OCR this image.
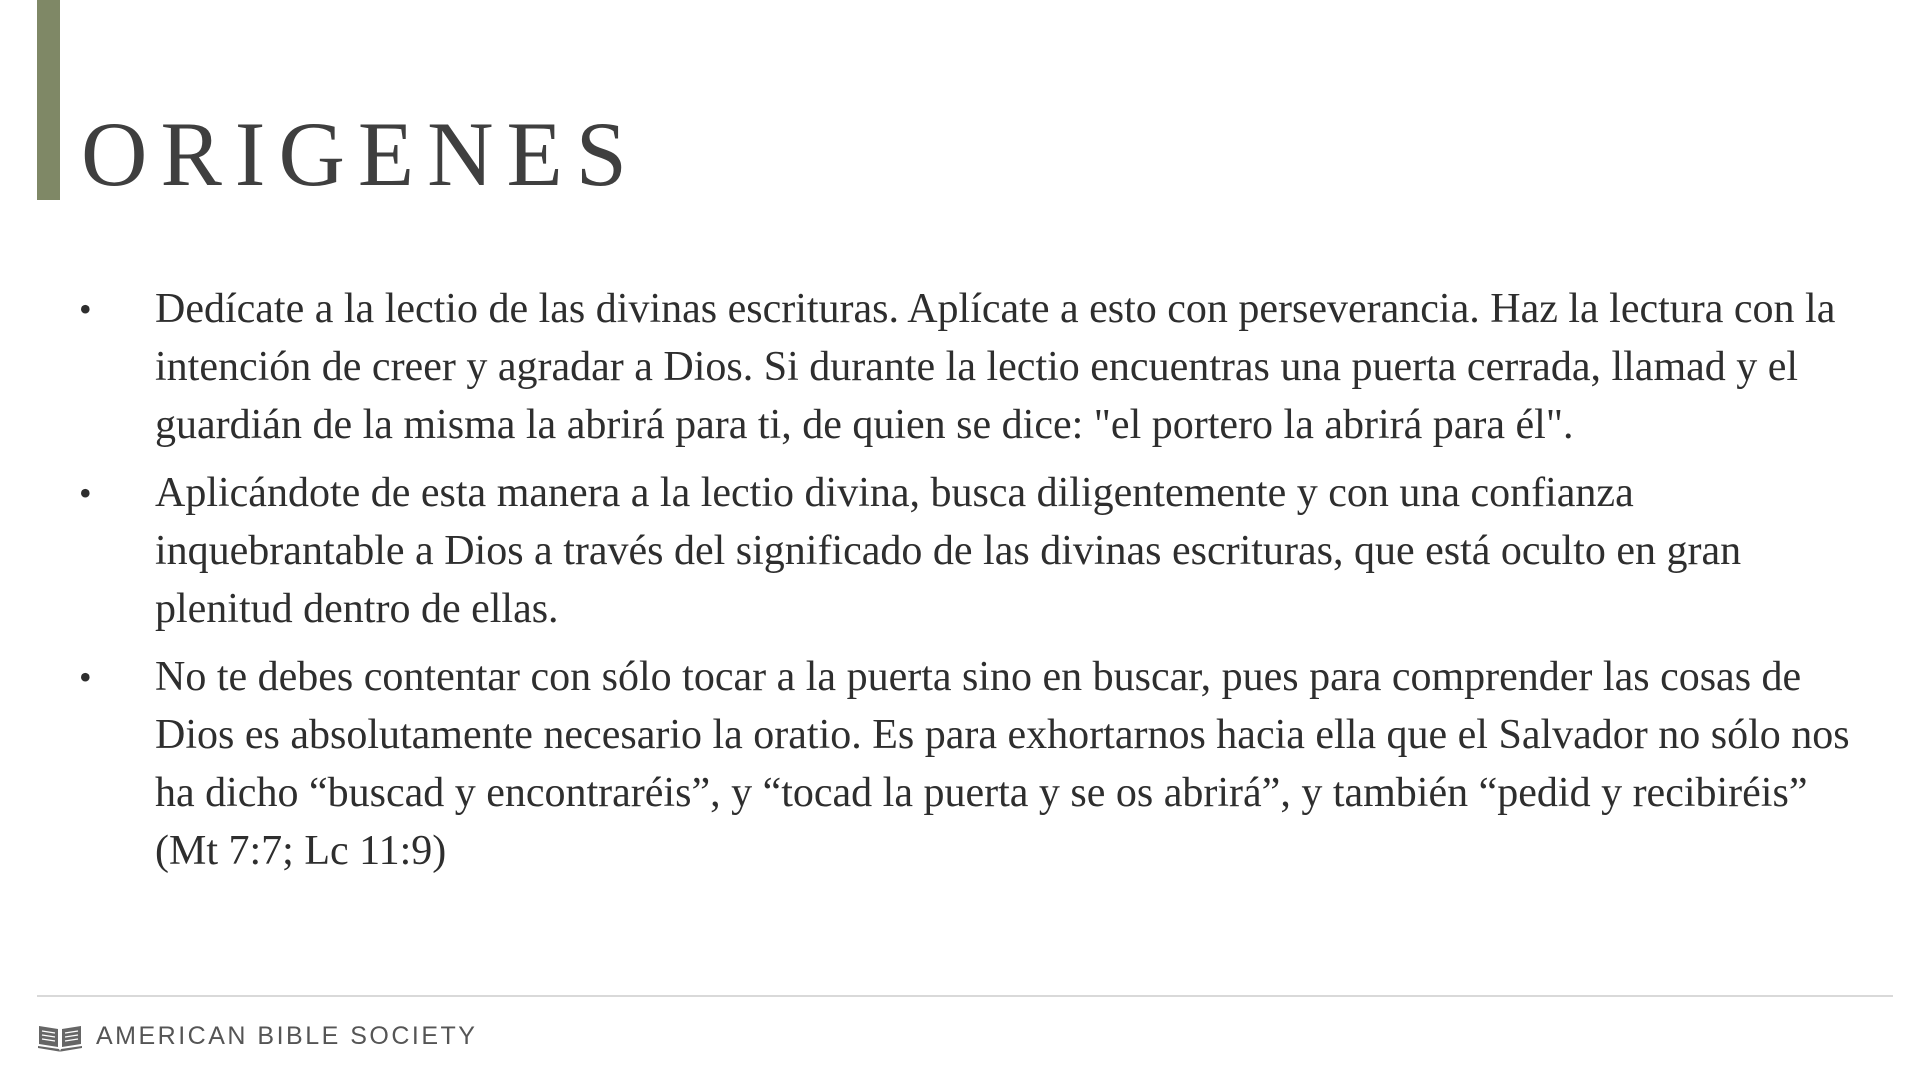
ORIGENES
• Dedícate a la lectio de las divinas escrituras. Aplícate a esto con perseverancia. Haz la lectura con la intención de creer y agradar a Dios. Si durante la lectio encuentras una puerta cerrada, llamad y el guardián de la misma la abrirá para ti, de quien se dice: "el portero la abrirá para él".
• Aplicándote de esta manera a la lectio divina, busca diligentemente y con una confianza inquebrantable a Dios a través del significado de las divinas escrituras, que está oculto en gran plenitud dentro de ellas.
• No te debes contentar con sólo tocar a la puerta sino en buscar, pues para comprender las cosas de Dios es absolutamente necesario la oratio. Es para exhortarnos hacia ella que el Salvador no sólo nos ha dicho “buscad y encontraréis”, y “tocad la puerta y se os abrirá”, y también “pedid y recibiréis” (Mt 7:7; Lc 11:9)
AMERICAN BIBLE SOCIETY
